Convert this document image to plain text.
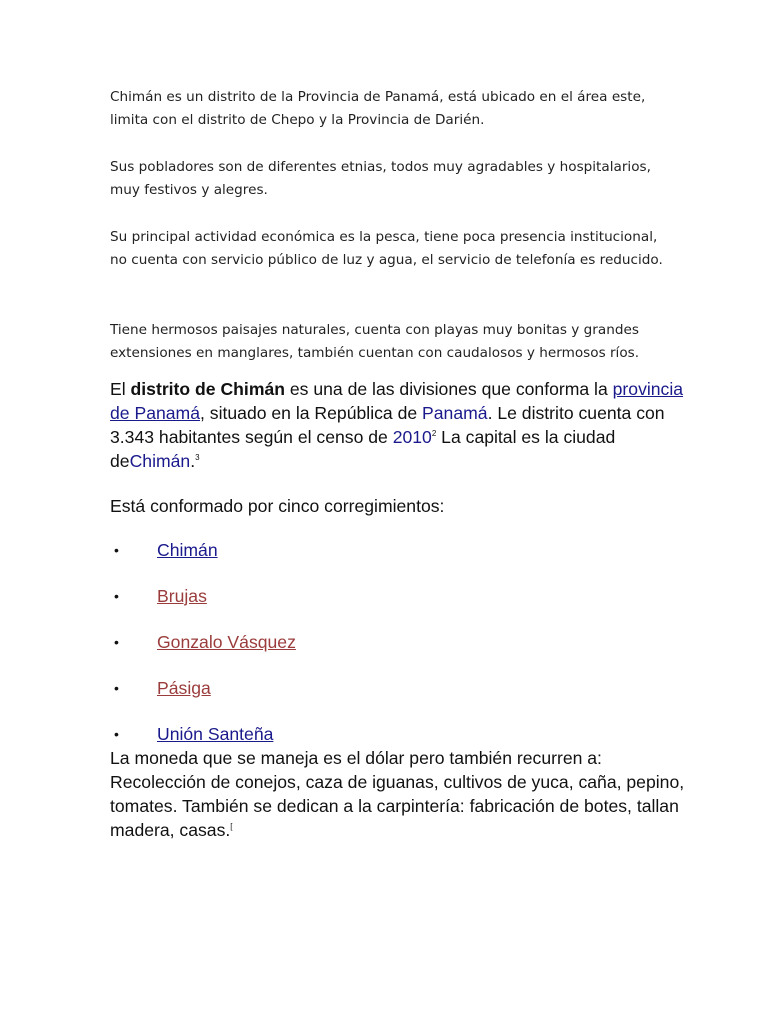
Chimán es un distrito de la Provincia de Panamá, está ubicado en el área este, limita con el distrito de Chepo y la Provincia de Darién.

Sus pobladores son de diferentes etnias, todos muy agradables y hospitalarios, muy festivos y alegres.

Su principal actividad económica es la pesca, tiene poca presencia institucional, no cuenta con servicio público de luz y agua, el servicio de telefonía es reducido.

Tiene hermosos paisajes naturales, cuenta con playas muy bonitas y grandes extensiones en manglares, también cuentan con caudalosos y hermosos ríos.

El distrito de Chimán es una de las divisiones que conforma la provincia de Panamá, situado en la República de Panamá. Le distrito cuenta con 3.343 habitantes según el censo de 2010$^2$ La capital es la ciudad deChimán.$^3$

Está conformado por cinco corregimientos:

• Chimán
• Brujas
• Gonzalo Vásquez
• Pásiga
• Unión Santeña

La moneda que se maneja es el dólar pero también recurren a: Recolección de conejos, caza de iguanas, cultivos de yuca, caña, pepino, tomates. También se dedican a la carpintería: fabricación de botes, tallan madera, casas.[
